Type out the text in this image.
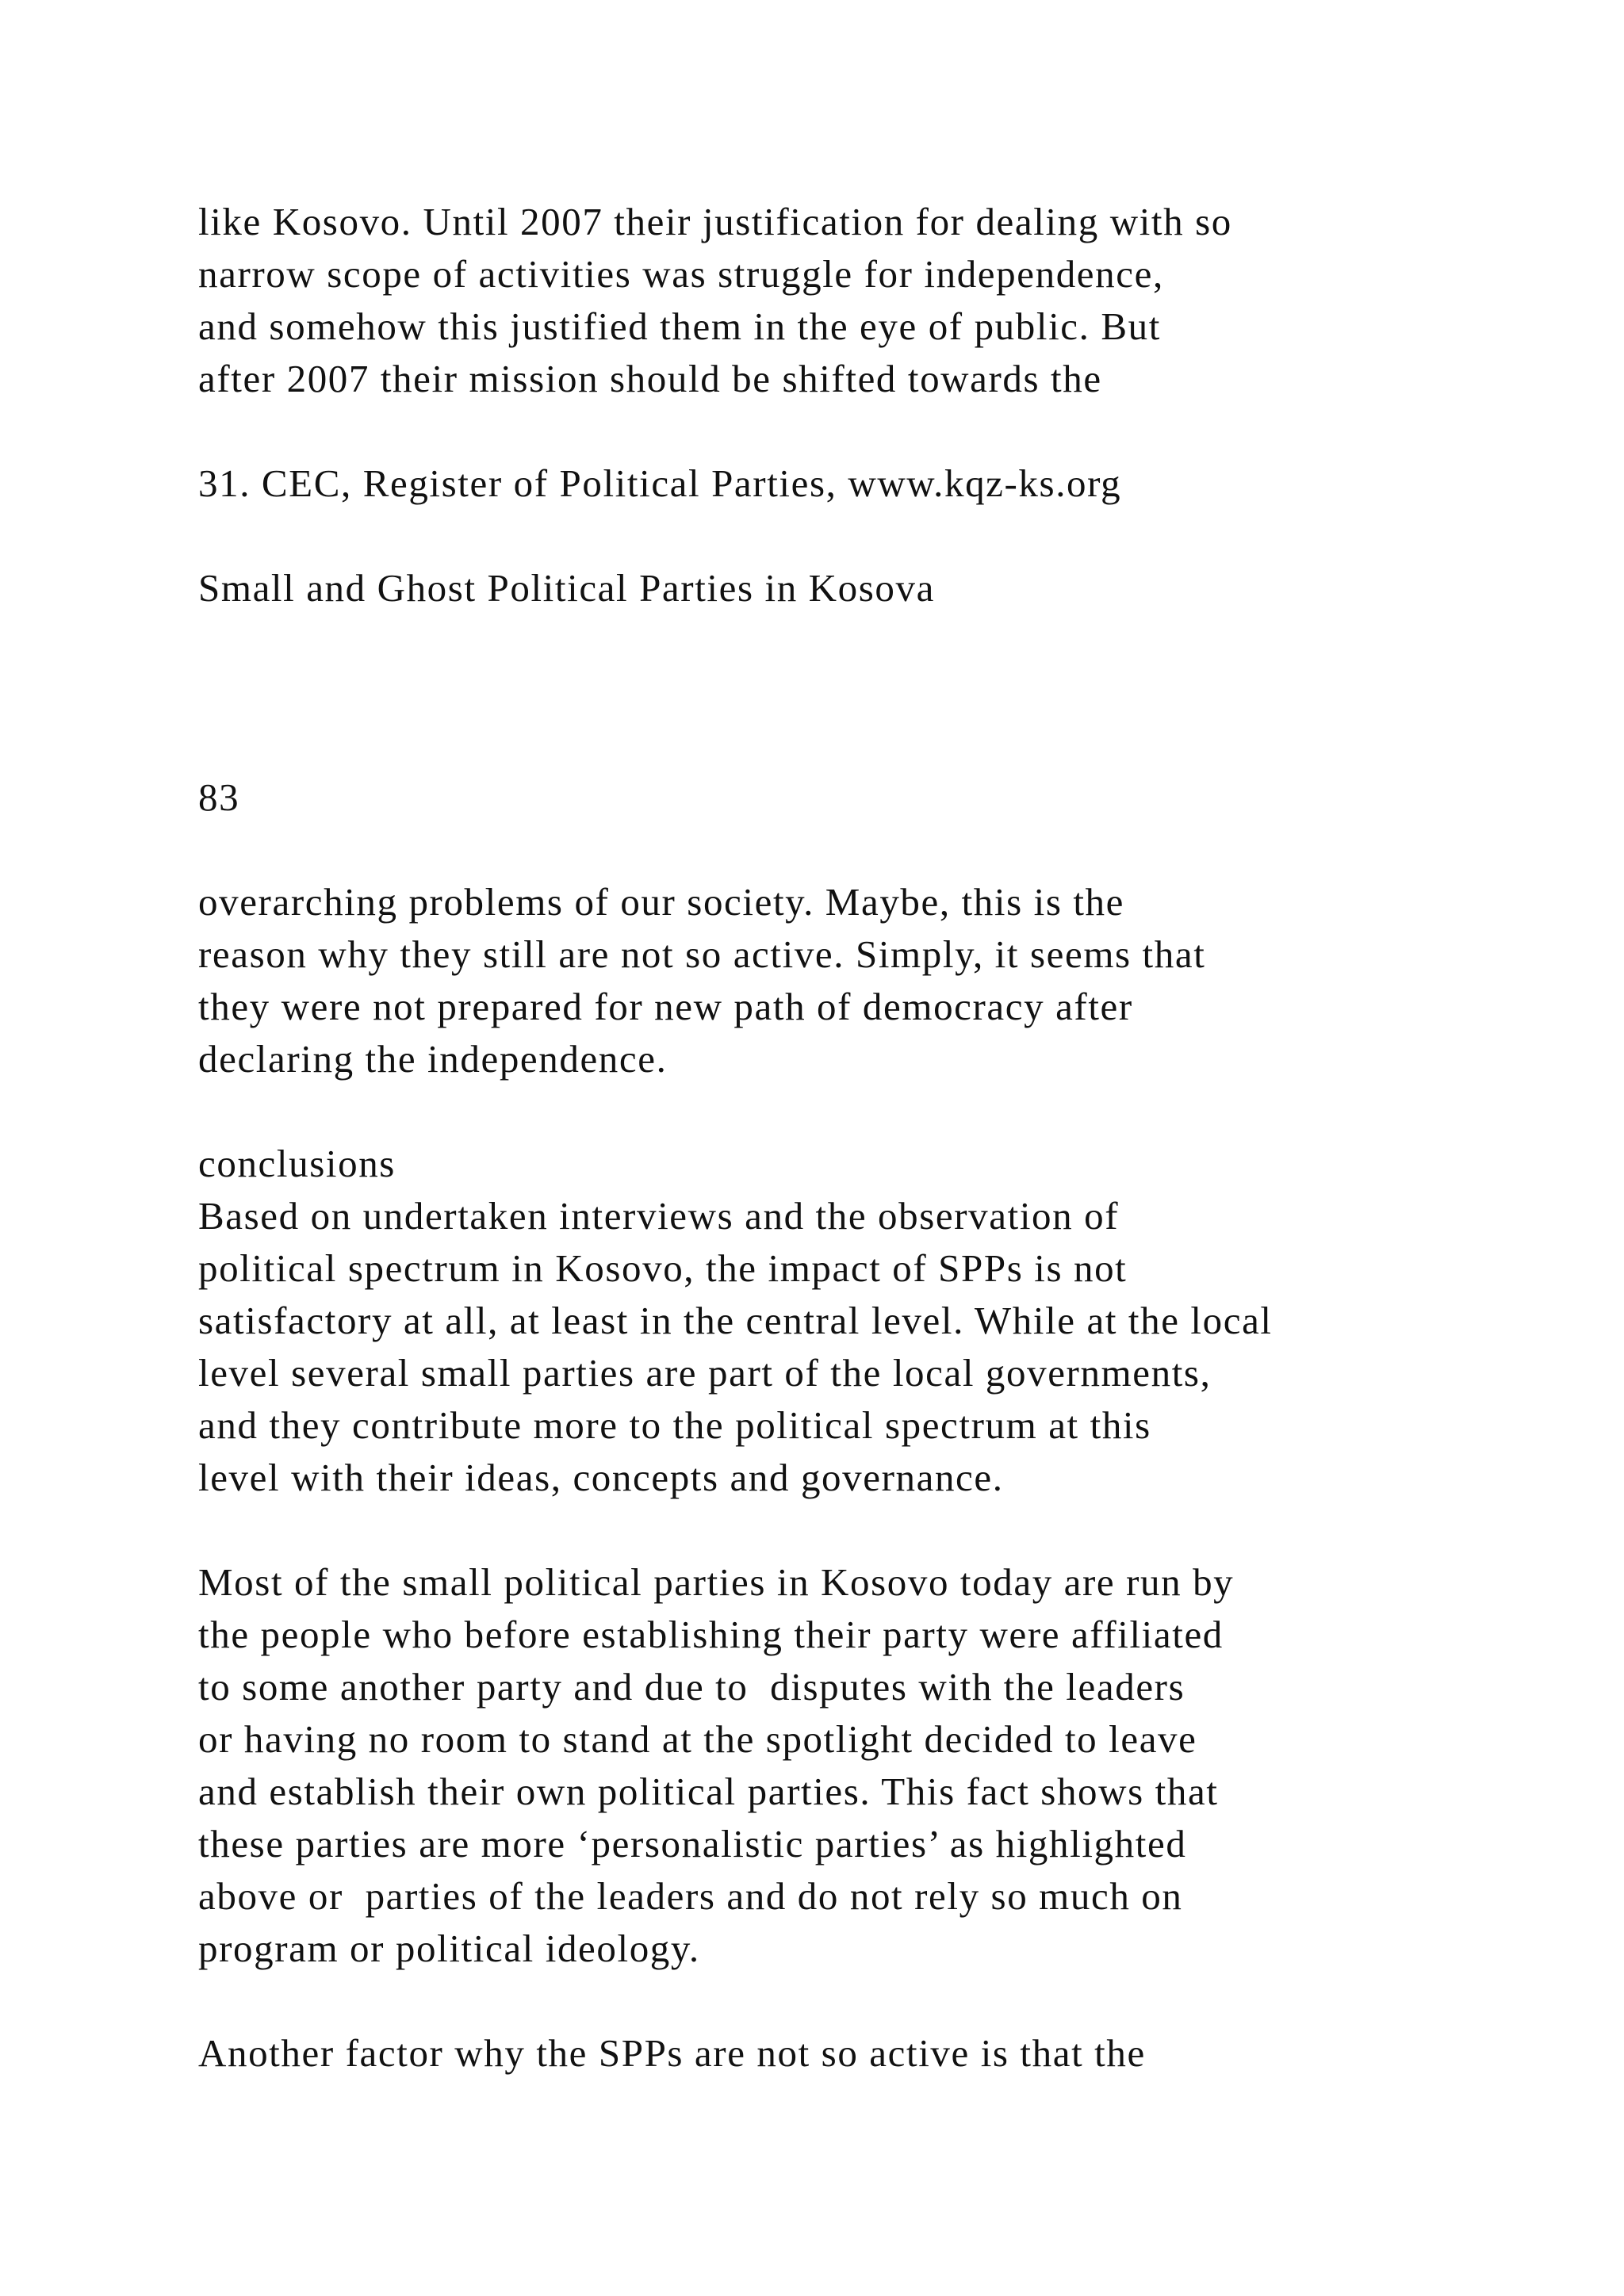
like Kosovo. Until 2007 their justification for dealing with so
narrow scope of activities was struggle for independence,
and somehow this justified them in the eye of public. But
after 2007 their mission should be shifted towards the
31. CEC, Register of Political Parties, www.kqz-ks.org
Small and Ghost Political Parties in Kosova
83
overarching problems of our society. Maybe, this is the
reason why they still are not so active. Simply, it seems that
they were not prepared for new path of democracy after
declaring the independence.
conclusions
Based on undertaken interviews and the observation of
political spectrum in Kosovo, the impact of SPPs is not
satisfactory at all, at least in the central level. While at the local
level several small parties are part of the local governments,
and they contribute more to the political spectrum at this
level with their ideas, concepts and governance.
Most of the small political parties in Kosovo today are run by
the people who before establishing their party were affiliated
to some another party and due to  disputes with the leaders
or having no room to stand at the spotlight decided to leave
and establish their own political parties. This fact shows that
these parties are more ‘personalistic parties’ as highlighted
above or  parties of the leaders and do not rely so much on
program or political ideology.
Another factor why the SPPs are not so active is that the
